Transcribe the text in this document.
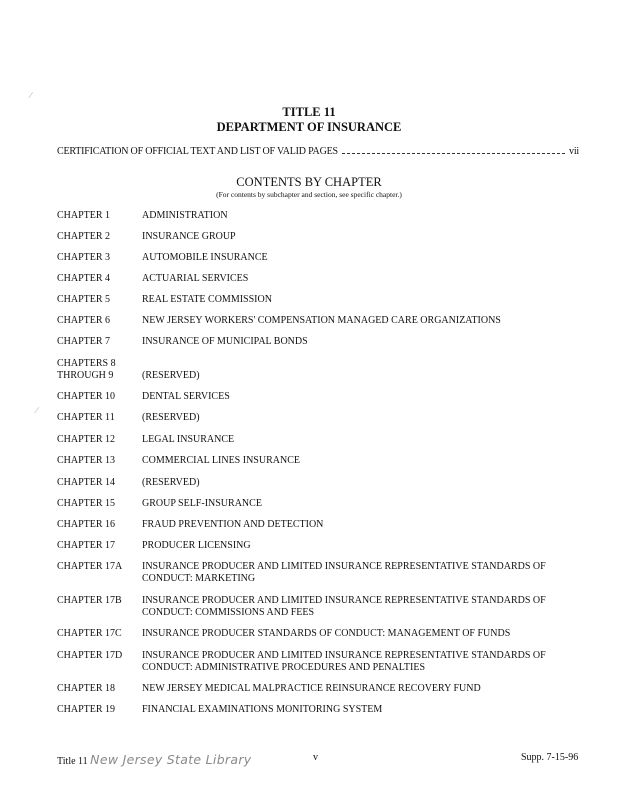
TITLE 11
DEPARTMENT OF INSURANCE
CERTIFICATION OF OFFICIAL TEXT AND LIST OF VALID PAGES	vii
CONTENTS BY CHAPTER
(For contents by subchapter and section, see specific chapter.)
CHAPTER 1	ADMINISTRATION
CHAPTER 2	INSURANCE GROUP
CHAPTER 3	AUTOMOBILE INSURANCE
CHAPTER 4	ACTUARIAL SERVICES
CHAPTER 5	REAL ESTATE COMMISSION
CHAPTER 6	NEW JERSEY WORKERS' COMPENSATION MANAGED CARE ORGANIZATIONS
CHAPTER 7	INSURANCE OF MUNICIPAL BONDS
CHAPTERS 8 THROUGH 9	(RESERVED)
CHAPTER 10	DENTAL SERVICES
CHAPTER 11	(RESERVED)
CHAPTER 12	LEGAL INSURANCE
CHAPTER 13	COMMERCIAL LINES INSURANCE
CHAPTER 14	(RESERVED)
CHAPTER 15	GROUP SELF-INSURANCE
CHAPTER 16	FRAUD PREVENTION AND DETECTION
CHAPTER 17	PRODUCER LICENSING
CHAPTER 17A	INSURANCE PRODUCER AND LIMITED INSURANCE REPRESENTATIVE STANDARDS OF CONDUCT: MARKETING
CHAPTER 17B	INSURANCE PRODUCER AND LIMITED INSURANCE REPRESENTATIVE STANDARDS OF CONDUCT: COMMISSIONS AND FEES
CHAPTER 17C	INSURANCE PRODUCER STANDARDS OF CONDUCT: MANAGEMENT OF FUNDS
CHAPTER 17D	INSURANCE PRODUCER AND LIMITED INSURANCE REPRESENTATIVE STANDARDS OF CONDUCT: ADMINISTRATIVE PROCEDURES AND PENALTIES
CHAPTER 18	NEW JERSEY MEDICAL MALPRACTICE REINSURANCE RECOVERY FUND
CHAPTER 19	FINANCIAL EXAMINATIONS MONITORING SYSTEM
Title 11 New Jersey State Library	v	Supp. 7-15-96
∕
∕
